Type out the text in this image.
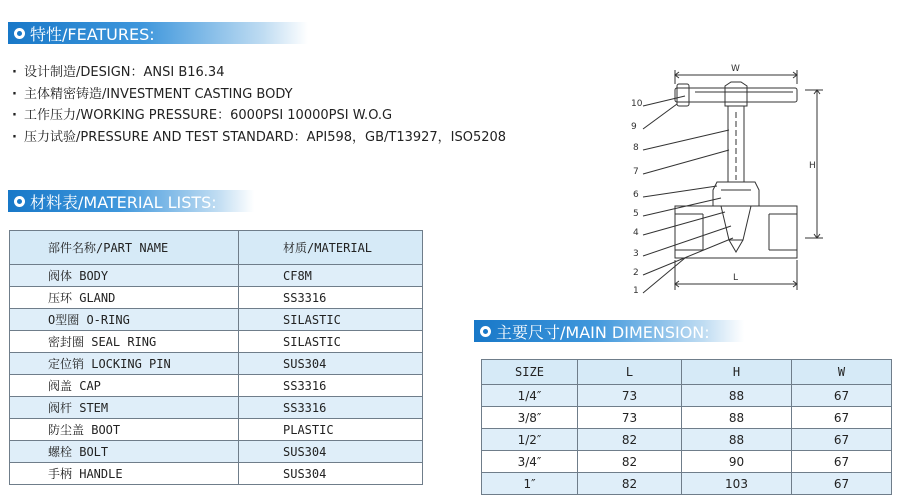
特性/FEATURES:
· 设计制造/DESIGN：ANSI B16.34
· 主体精密铸造/INVESTMENT CASTING BODY
· 工作压力/WORKING PRESSURE：6000PSI 10000PSI W.O.G
· 压力试验/PRESSURE AND TEST STANDARD：API598，GB/T13927，ISO5208
材料表/MATERIAL LISTS:
部件名称/PART NAME	材质/MATERIAL
阀体 BODY	CF8M
压环 GLAND	SS3316
O型圈 O-RING	SILASTIC
密封圈 SEAL RING	SILASTIC
定位销 LOCKING PIN	SUS304
阀盖 CAP	SS3316
阀杆 STEM	SS3316
防尘盖 BOOT	PLASTIC
螺栓 BOLT	SUS304
手柄 HANDLE	SUS304
10
9
8
7
6
5
4
3
2
1
W
H
L
主要尺寸/MAIN DIMENSION:
SIZE	L	H	W
1/4″	73	88	67
3/8″	73	88	67
1/2″	82	88	67
3/4″	82	90	67
1″	82	103	67
